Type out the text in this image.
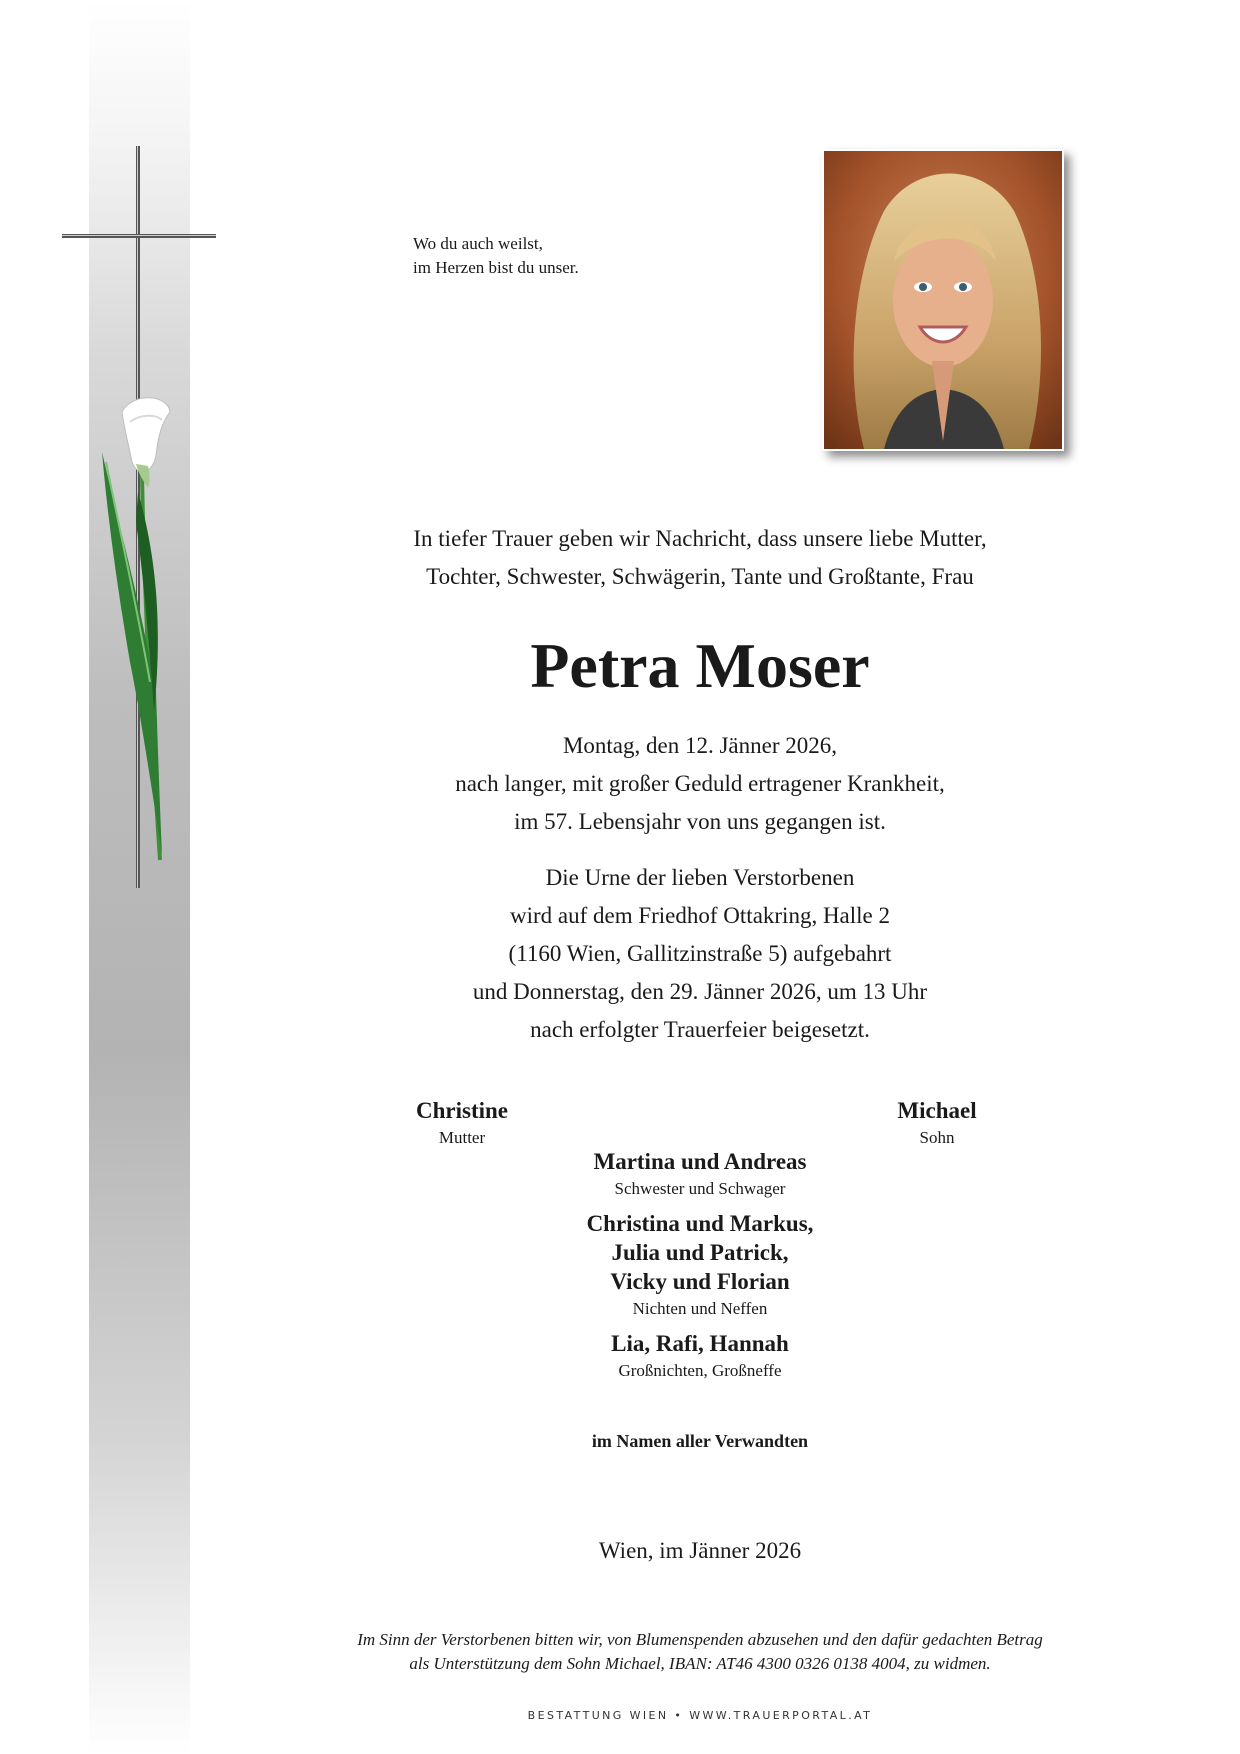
Wo du auch weilst,
im Herzen bist du unser.
In tiefer Trauer geben wir Nachricht, dass unsere liebe Mutter,
Tochter, Schwester, Schwägerin, Tante und Großtante, Frau
Petra Moser
Montag, den 12. Jänner 2026,
nach langer, mit großer Geduld ertragener Krankheit,
im 57. Lebensjahr von uns gegangen ist.
Die Urne der lieben Verstorbenen
wird auf dem Friedhof Ottakring, Halle 2
(1160 Wien, Gallitzinstraße 5) aufgebahrt
und Donnerstag, den 29. Jänner 2026, um 13 Uhr
nach erfolgter Trauerfeier beigesetzt.
Christine
Mutter
Michael
Sohn
Martina und Andreas
Schwester und Schwager
Christina und Markus,
Julia und Patrick,
Vicky und Florian
Nichten und Neffen
Lia, Rafi, Hannah
Großnichten, Großneffe
im Namen aller Verwandten
Wien, im Jänner 2026
Im Sinn der Verstorbenen bitten wir, von Blumenspenden abzusehen und den dafür gedachten Betrag
als Unterstützung dem Sohn Michael, IBAN: AT46 4300 0326 0138 4004, zu widmen.
BESTATTUNG WIEN • WWW.TRAUERPORTAL.AT
